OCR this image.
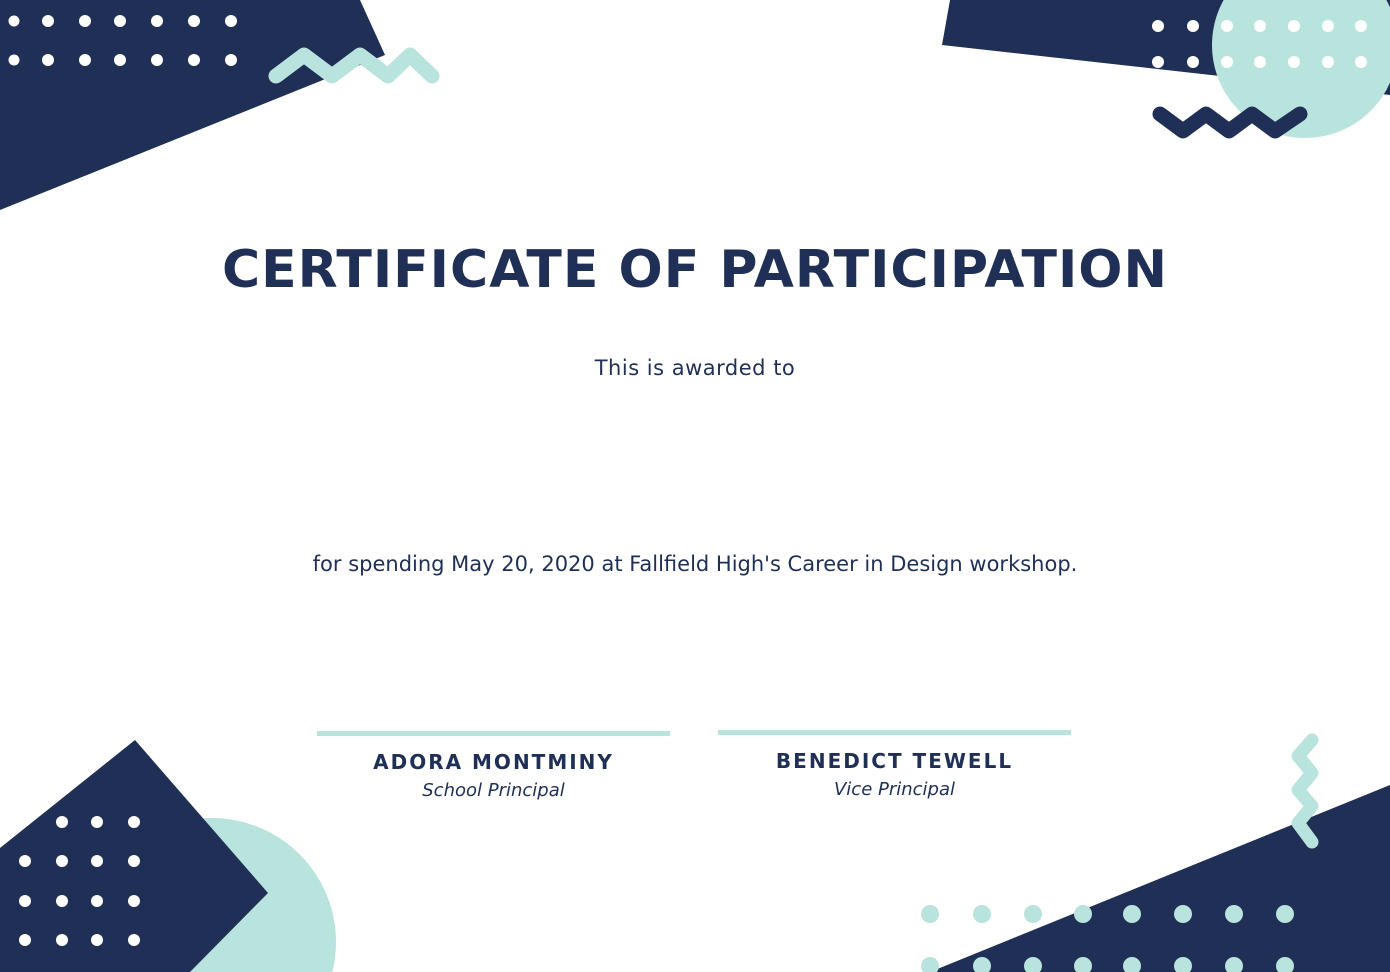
CERTIFICATE OF PARTICIPATION
This is awarded to
for spending May 20, 2020 at Fallfield High's Career in Design workshop.
ADORA MONTMINY
School Principal
BENEDICT TEWELL
Vice Principal
